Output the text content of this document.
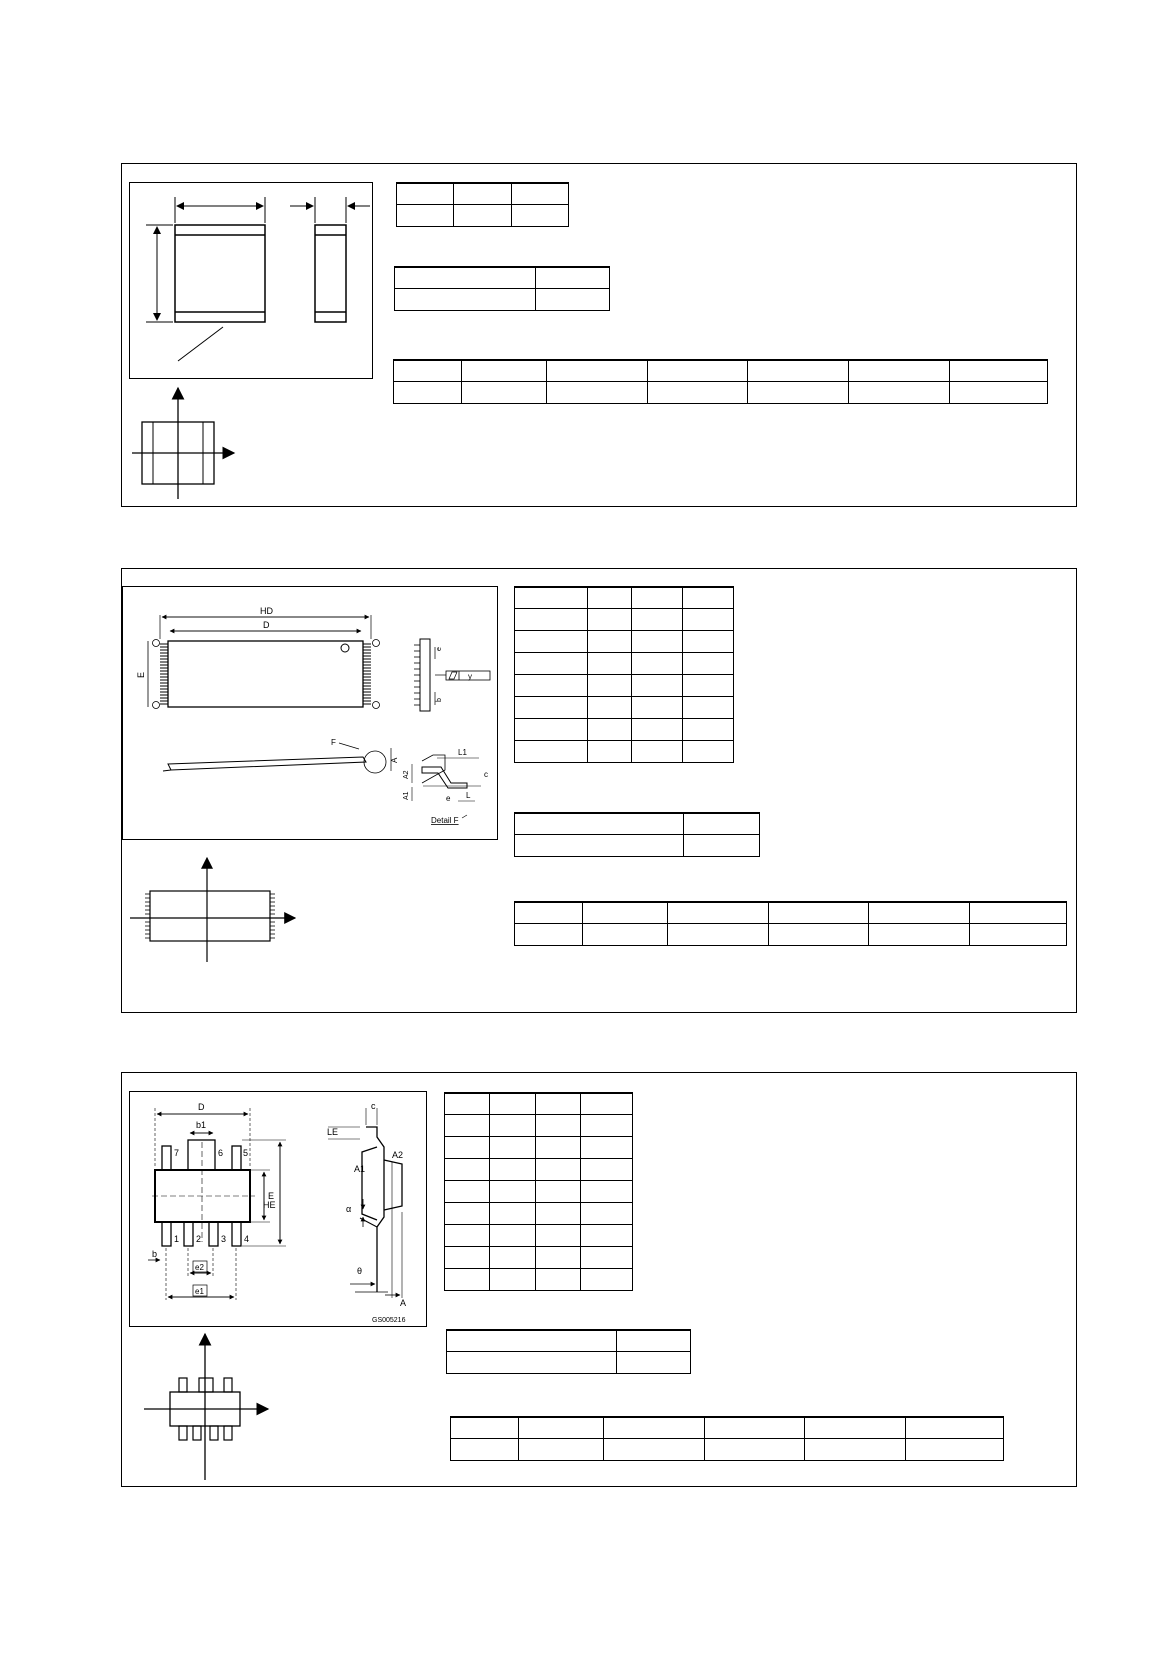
HD
D
E
F
A
e
b
y
L1
L
e
c
A2
A1
Detail F

7	6 5
1 2 3 4
D
b1
E
HE
b
e2
e1
c
LE
A1
A2
α
θ
A
GS005216
